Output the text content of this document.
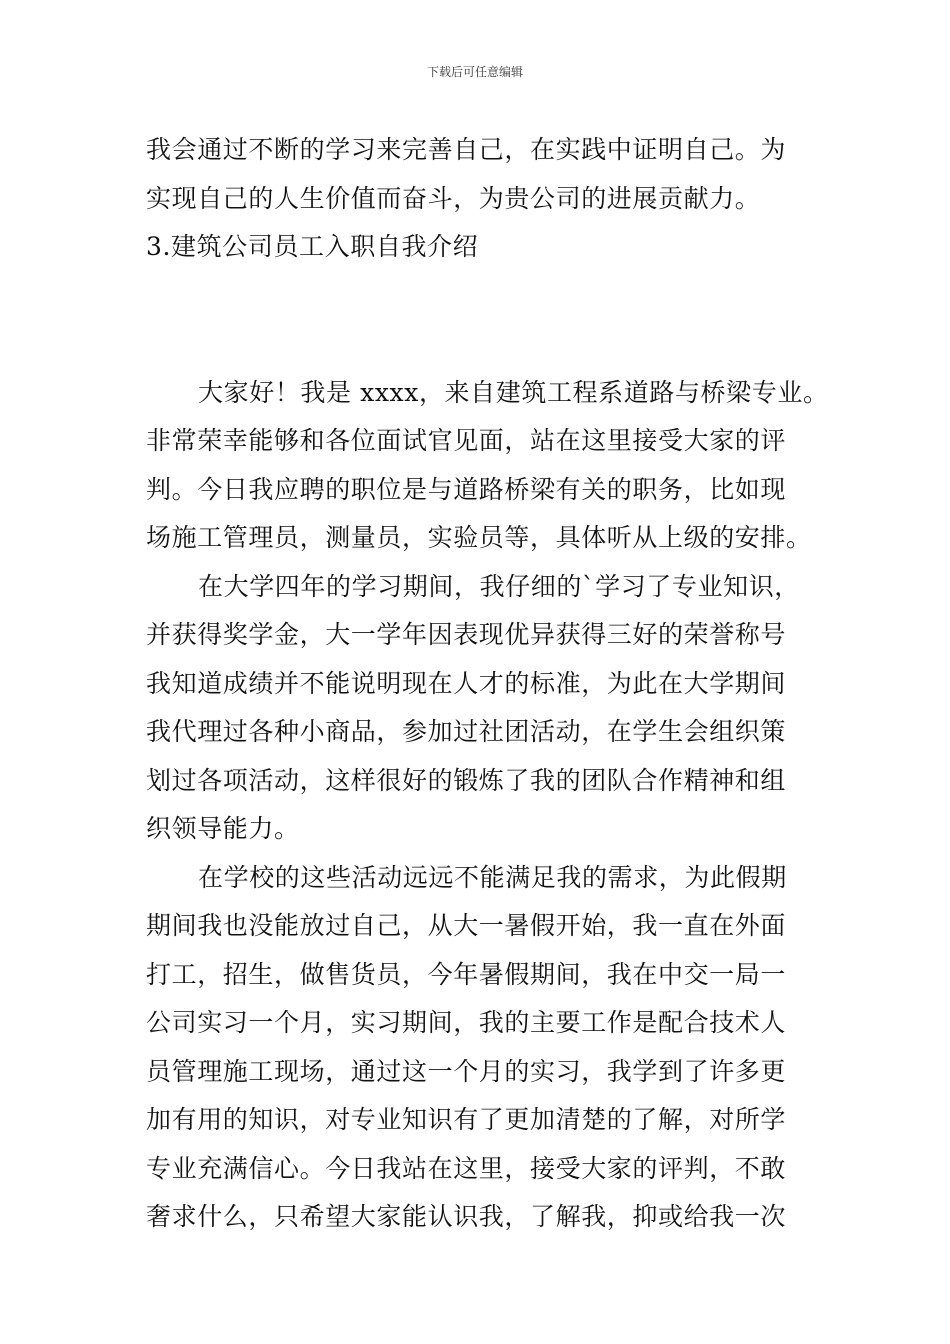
下载后可任意编辑
我会通过不断的学习来完善自己，在实践中证明自己。为
实现自己的人生价值而奋斗，为贵公司的进展贡献力。
3.建筑公司员工入职自我介绍
大家好！我是 xxxx，来自建筑工程系道路与桥梁专业。
非常荣幸能够和各位面试官见面，站在这里接受大家的评
判。今日我应聘的职位是与道路桥梁有关的职务，比如现
场施工管理员，测量员，实验员等，具体听从上级的安排。
在大学四年的学习期间，我仔细的`学习了专业知识，
并获得奖学金，大一学年因表现优异获得三好的荣誉称号
我知道成绩并不能说明现在人才的标准，为此在大学期间
我代理过各种小商品，参加过社团活动，在学生会组织策
划过各项活动，这样很好的锻炼了我的团队合作精神和组
织领导能力。
在学校的这些活动远远不能满足我的需求，为此假期
期间我也没能放过自己，从大一暑假开始，我一直在外面
打工，招生，做售货员，今年暑假期间，我在中交一局一
公司实习一个月，实习期间，我的主要工作是配合技术人
员管理施工现场，通过这一个月的实习，我学到了许多更
加有用的知识，对专业知识有了更加清楚的了解，对所学
专业充满信心。今日我站在这里，接受大家的评判，不敢
奢求什么，只希望大家能认识我，了解我，抑或给我一次
